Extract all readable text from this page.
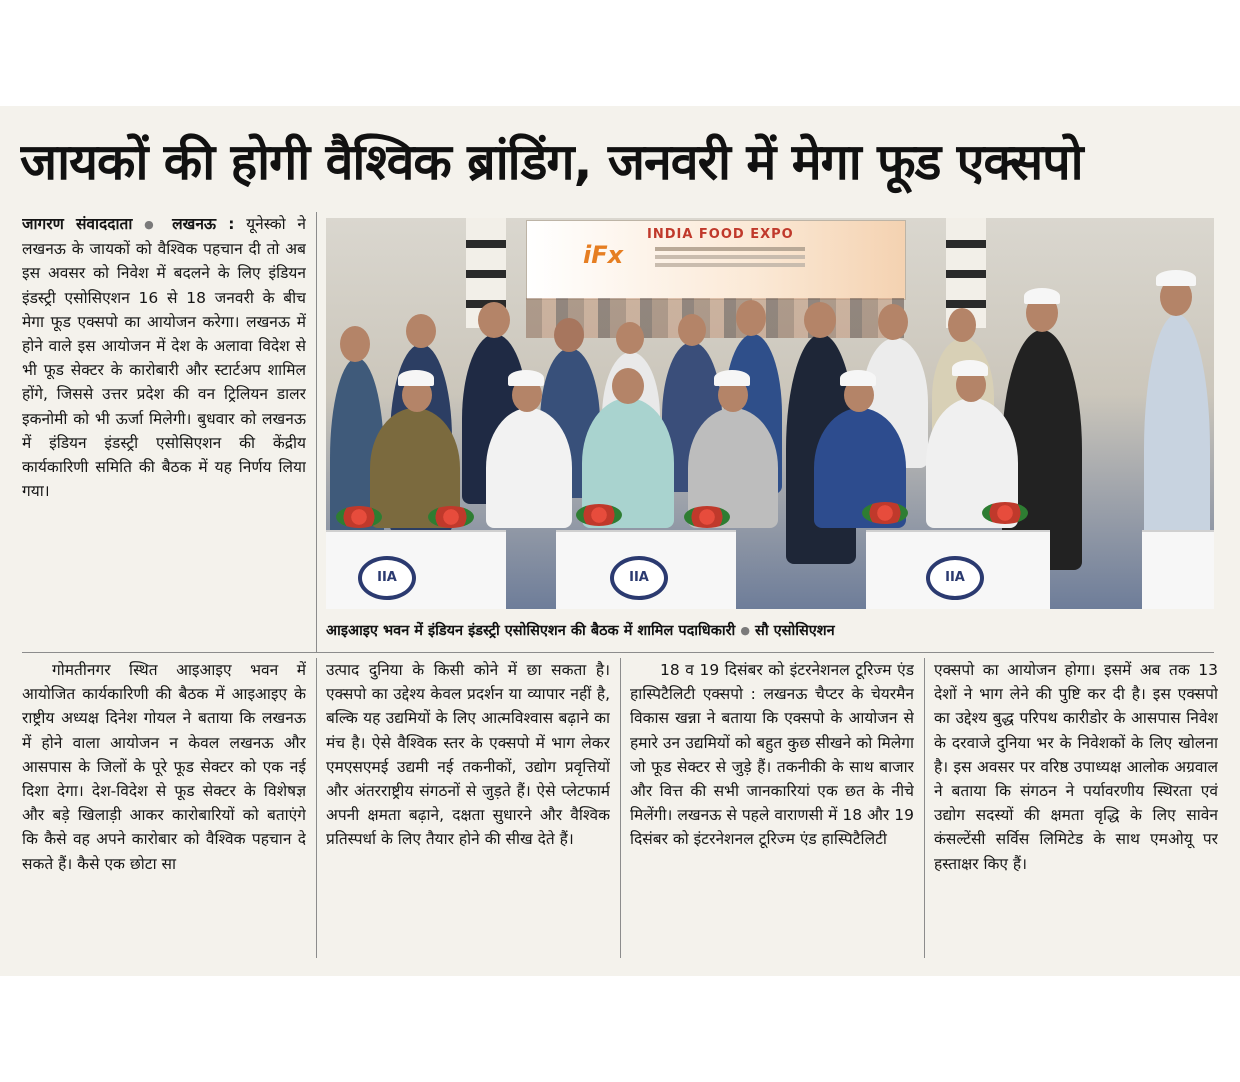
जायकों की होगी वैश्विक ब्रांडिंग, जनवरी में मेगा फूड एक्सपो

जागरण संवाददाता ● लखनऊ : यूनेस्को ने लखनऊ के जायकों को वैश्विक पहचान दी तो अब इस अवसर को निवेश में बदलने के लिए इंडियन इंडस्ट्री एसोसिएशन 16 से 18 जनवरी के बीच मेगा फूड एक्सपो का आयोजन करेगा। लखनऊ में होने वाले इस आयोजन में देश के अलावा विदेश से भी फूड सेक्टर के कारोबारी और स्टार्टअप शामिल होंगे, जिससे उत्तर प्रदेश की वन ट्रिलियन डालर इकनोमी को भी ऊर्जा मिलेगी। बुधवार को लखनऊ में इंडियन इंडस्ट्री एसोसिएशन की केंद्रीय कार्यकारिणी समिति की बैठक में यह निर्णय लिया गया।

गोमतीनगर स्थित आइआइए भवन में आयोजित कार्यकारिणी की बैठक में आइआइए के राष्ट्रीय अध्यक्ष दिनेश गोयल ने बताया कि लखनऊ में होने वाला आयोजन न केवल लखनऊ और आसपास के जिलों के पूरे फूड सेक्टर को एक नई दिशा देगा। देश-विदेश से फूड सेक्टर के विशेषज्ञ और बड़े खिलाड़ी आकर कारोबारियों को बताएंगे कि कैसे वह अपने कारोबार को वैश्विक पहचान दे सकते हैं। कैसे एक छोटा सा

उत्पाद दुनिया के किसी कोने में छा सकता है। एक्सपो का उद्देश्य केवल प्रदर्शन या व्यापार नहीं है, बल्कि यह उद्यमियों के लिए आत्मविश्वास बढ़ाने का मंच है। ऐसे वैश्विक स्तर के एक्सपो में भाग लेकर एमएसएमई उद्यमी नई तकनीकों, उद्योग प्रवृत्तियों और अंतरराष्ट्रीय संगठनों से जुड़ते हैं। ऐसे प्लेटफार्म अपनी क्षमता बढ़ाने, दक्षता सुधारने और वैश्विक प्रतिस्पर्धा के लिए तैयार होने की सीख देते हैं।

18 व 19 दिसंबर को इंटरनेशनल टूरिज्म एंड हास्पिटैलिटी एक्सपो : लखनऊ चैप्टर के चेयरमैन विकास खन्ना ने बताया कि एक्सपो के आयोजन से हमारे उन उद्यमियों को बहुत कुछ सीखने को मिलेगा जो फूड सेक्टर से जुड़े हैं। तकनीकी के साथ बाजार और वित्त की सभी जानकारियां एक छत के नीचे मिलेंगी। लखनऊ से पहले वाराणसी में 18 और 19 दिसंबर को इंटरनेशनल टूरिज्म एंड हास्पिटैलिटी

एक्सपो का आयोजन होगा। इसमें अब तक 13 देशों ने भाग लेने की पुष्टि कर दी है। इस एक्सपो का उद्देश्य बुद्ध परिपथ कारीडोर के आसपास निवेश के दरवाजे दुनिया भर के निवेशकों के लिए खोलना है। इस अवसर पर वरिष्ठ उपाध्यक्ष आलोक अग्रवाल ने बताया कि संगठन ने पर्यावरणीय स्थिरता एवं उद्योग सदस्यों की क्षमता वृद्धि के लिए सावेन कंसल्टेंसी सर्विस लिमिटेड के साथ एमओयू पर हस्ताक्षर किए हैं।

iFx
INDIA FOOD EXPO
IIA	IIA	IIA
आइआइए भवन में इंडियन इंडस्ट्री एसोसिएशन की बैठक में शामिल पदाधिकारी ● सौ एसोसिएशन
